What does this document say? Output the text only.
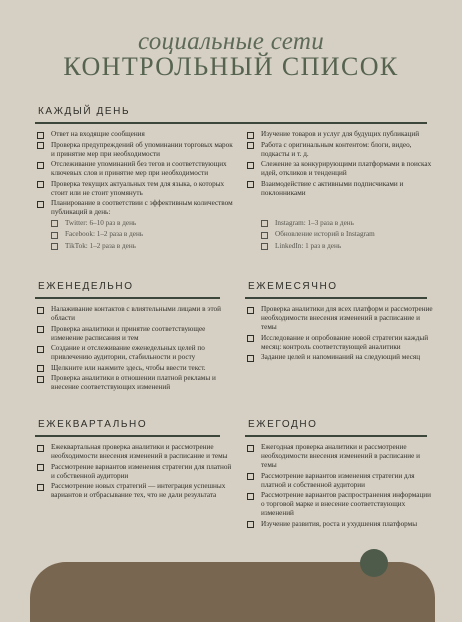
социальные сети
КОНТРОЛЬНЫЙ СПИСОК
КАЖДЫЙ ДЕНЬ
Ответ на входящие сообщения
Проверка предупреждений об упоминании торговых марок и принятие мер при необходимости
Отслеживание упоминаний без тегов и соответствующих ключевых слов и принятие мер при необходимости
Проверка текущих актуальных тем для языка, о которых стоит или не стоит упомянуть
Планирование в соответствии с эффективным количеством публикаций в день:
Twitter: 6–10 раз в день
Facebook: 1–2 раза в день
TikTok: 1–2 раза в день
Изучение товаров и услуг для будущих публикаций
Работа с оригинальным контентом: блоги, видео, подкасты и т. д.
Слежение за конкурирующими платформами в поисках идей, откликов и тенденций
Взаимодействие с активными подписчиками и поклонниками
Instagram: 1–3 раза в день
Обновление историй в Instagram
LinkedIn: 1 раз в день
ЕЖЕНЕДЕЛЬНО
Налаживание контактов с влиятельными лицами в этой области
Проверка аналитики и принятие соответствующее изменение расписания и тем
Создание и отслеживание еженедельных целей по привлечению аудитории, стабильности и росту
Щелкните или нажмите здесь, чтобы ввести текст.
Проверка аналитики в отношении платной рекламы и внесение соответствующих изменений
ЕЖЕМЕСЯЧНО
Проверка аналитики для всех платформ и рассмотрение необходимости внесения изменений в расписание и темы
Исследование и опробование новой стратегии каждый месяц: контроль соответствующей аналитики
Задание целей и напоминаний на следующий месяц
ЕЖЕКВАРТАЛЬНО
Ежеквартальная проверка аналитики и рассмотрение необходимости внесения изменений в расписание и темы
Рассмотрение вариантов изменения стратегии для платной и собственной аудитории
Рассмотрение новых стратегий — интеграция успешных вариантов и отбрасывание тех, что не дали результата
ЕЖЕГОДНО
Ежегодная проверка аналитики и рассмотрение необходимости внесения изменений в расписание и темы
Рассмотрение вариантов изменения стратегии для платной и собственной аудитории
Рассмотрение вариантов распространения информации о торговой марке и внесение соответствующих изменений
Изучение развития, роста и ухудшения платформы
